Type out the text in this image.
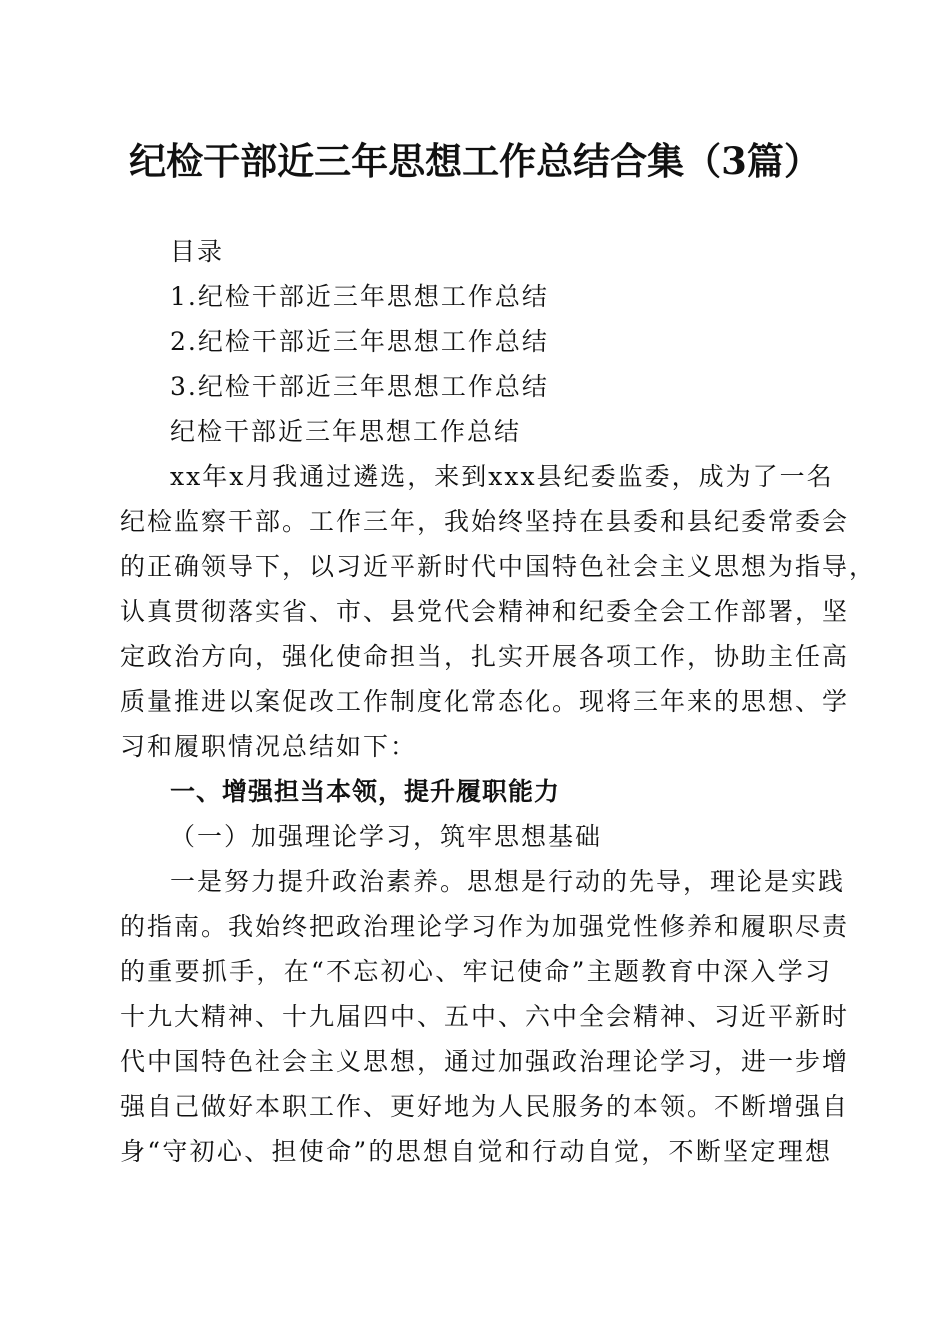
纪检干部近三年思想工作总结合集（3篇）
目录
1.纪检干部近三年思想工作总结
2.纪检干部近三年思想工作总结
3.纪检干部近三年思想工作总结
纪检干部近三年思想工作总结
xx年x月我通过遴选，来到xxx县纪委监委，成为了一名
纪检监察干部。工作三年，我始终坚持在县委和县纪委常委会
的正确领导下，以习近平新时代中国特色社会主义思想为指导，
认真贯彻落实省、市、县党代会精神和纪委全会工作部署，坚
定政治方向，强化使命担当，扎实开展各项工作，协助主任高
质量推进以案促改工作制度化常态化。现将三年来的思想、学
习和履职情况总结如下：
一、增强担当本领，提升履职能力
（一）加强理论学习，筑牢思想基础
一是努力提升政治素养。思想是行动的先导，理论是实践
的指南。我始终把政治理论学习作为加强党性修养和履职尽责
的重要抓手，在“不忘初心、牢记使命”主题教育中深入学习
十九大精神、十九届四中、五中、六中全会精神、习近平新时
代中国特色社会主义思想，通过加强政治理论学习，进一步增
强自己做好本职工作、更好地为人民服务的本领。不断增强自
身“守初心、担使命”的思想自觉和行动自觉，不断坚定理想
